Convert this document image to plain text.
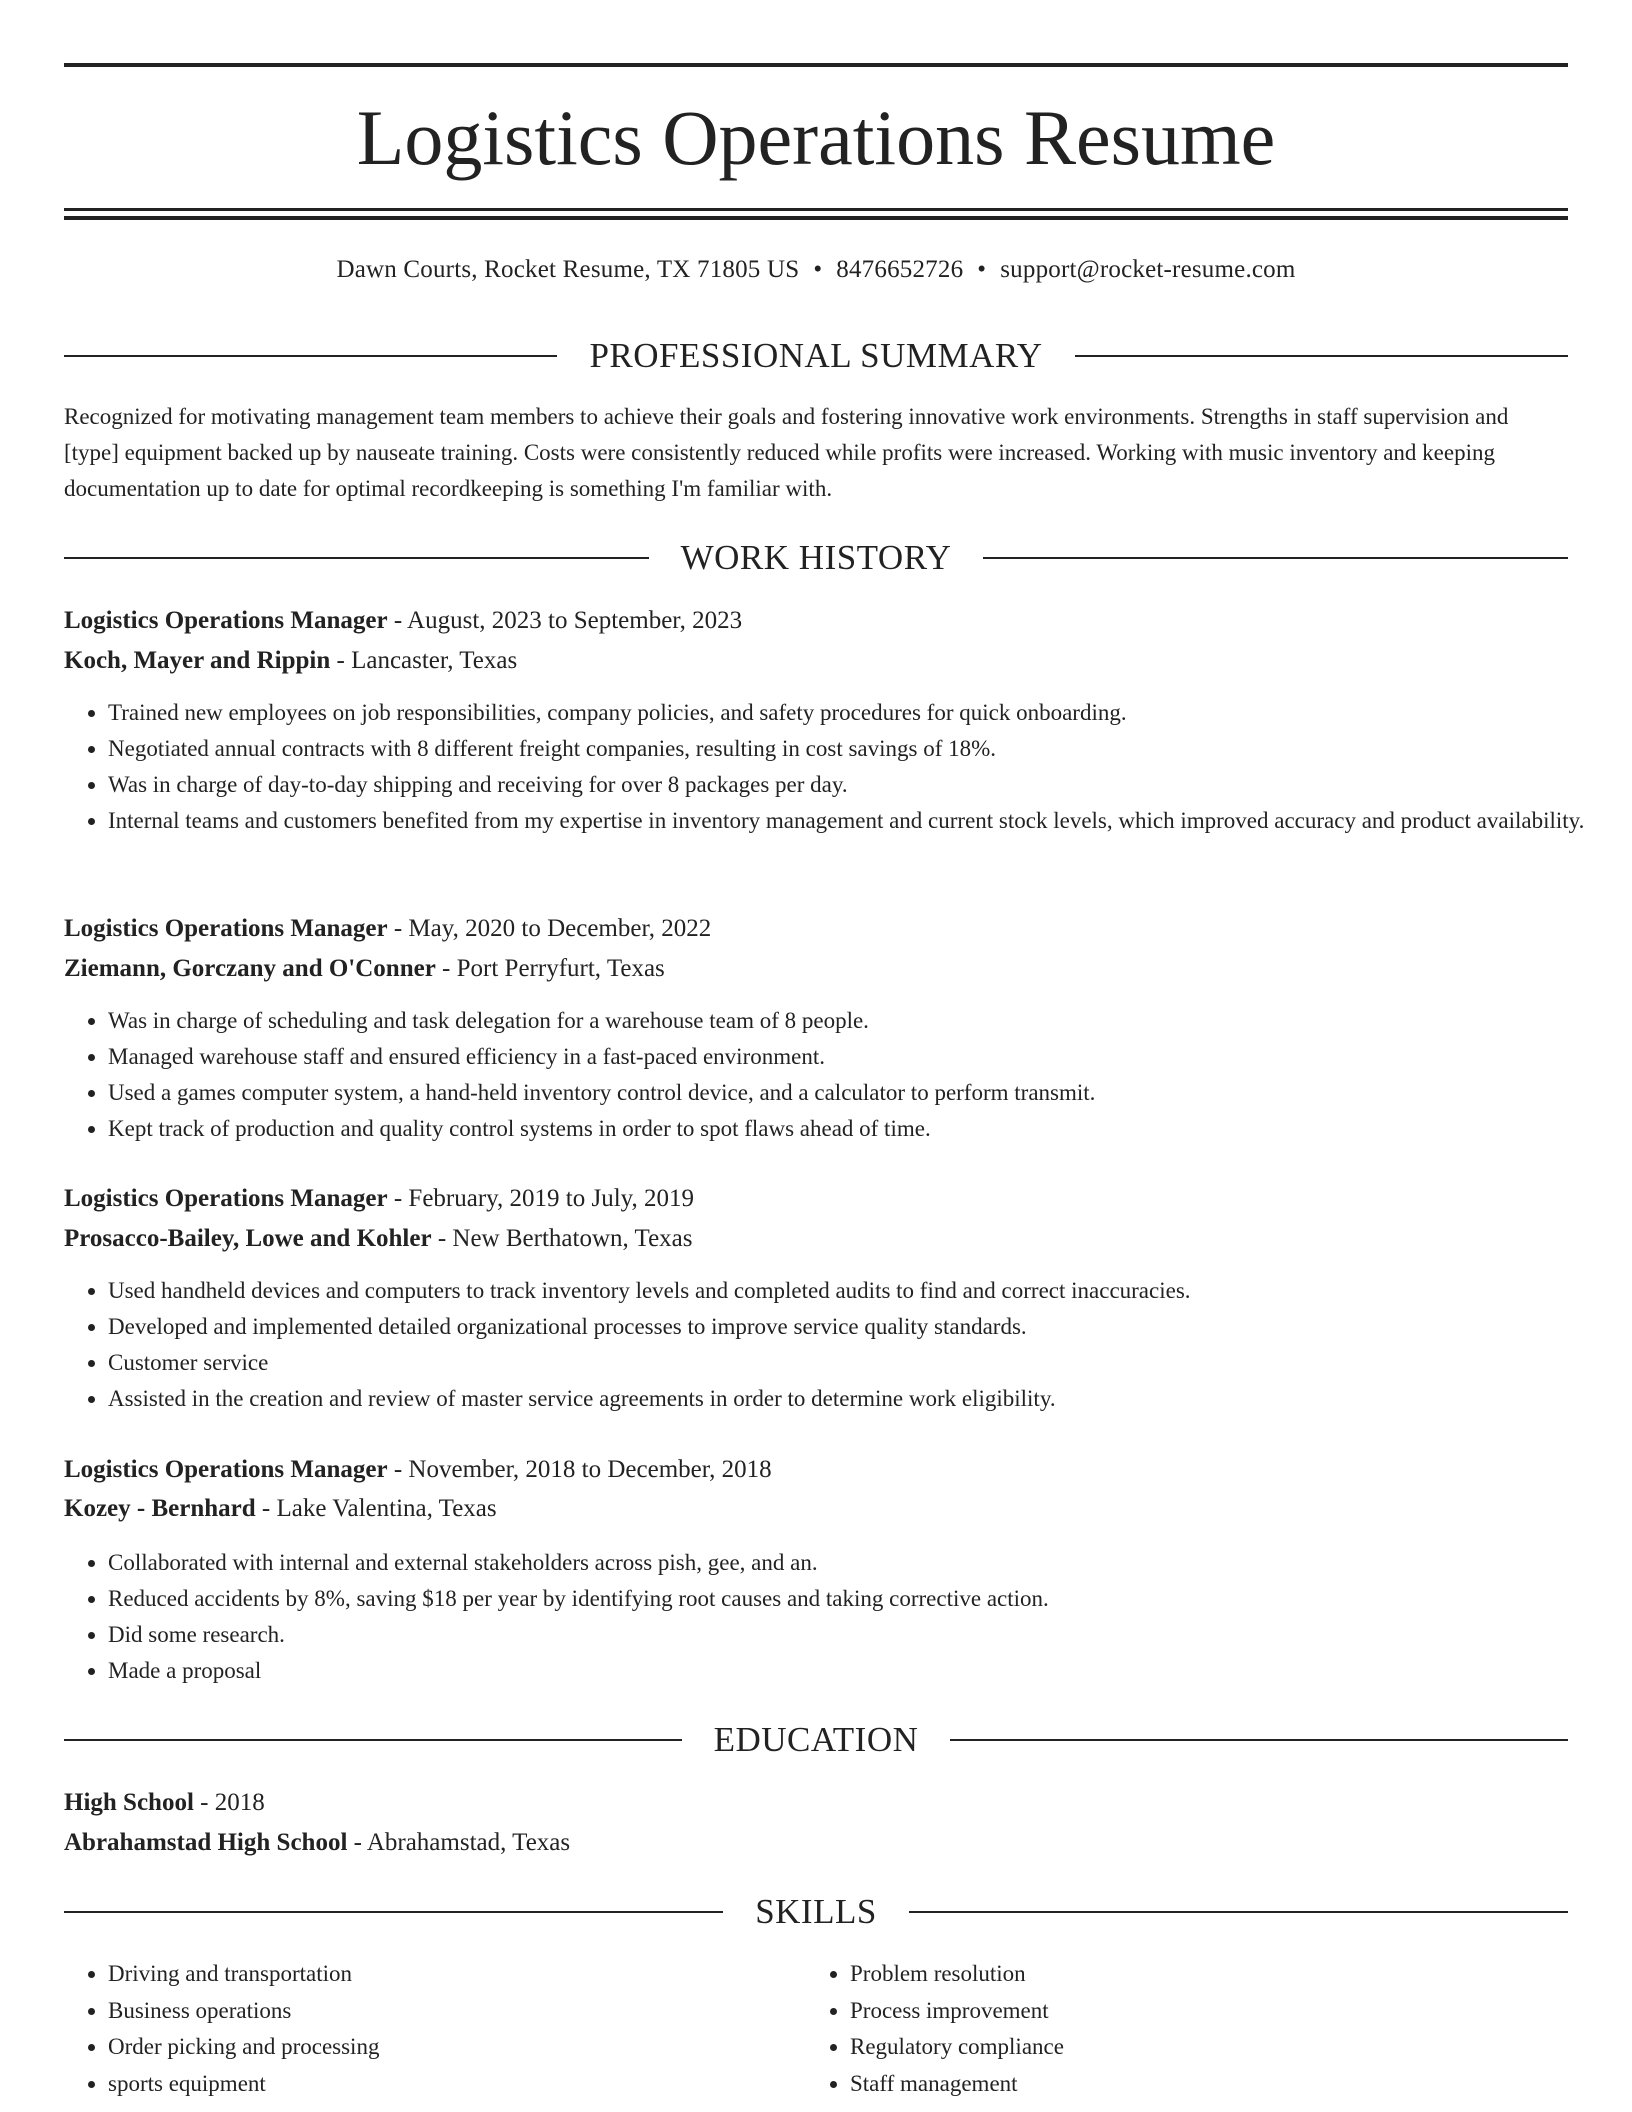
Logistics Operations Resume
Dawn Courts, Rocket Resume, TX 71805 US • 8476652726 • support@rocket-resume.com
PROFESSIONAL SUMMARY
Recognized for motivating management team members to achieve their goals and fostering innovative work environments. Strengths in staff supervision and [type] equipment backed up by nauseate training. Costs were consistently reduced while profits were increased. Working with music inventory and keeping documentation up to date for optimal recordkeeping is something I'm familiar with.
WORK HISTORY
Logistics Operations Manager - August, 2023 to September, 2023
Koch, Mayer and Rippin - Lancaster, Texas
• Trained new employees on job responsibilities, company policies, and safety procedures for quick onboarding.
• Negotiated annual contracts with 8 different freight companies, resulting in cost savings of 18%.
• Was in charge of day-to-day shipping and receiving for over 8 packages per day.
• Internal teams and customers benefited from my expertise in inventory management and current stock levels, which improved accuracy and product availability.
Logistics Operations Manager - May, 2020 to December, 2022
Ziemann, Gorczany and O'Conner - Port Perryfurt, Texas
• Was in charge of scheduling and task delegation for a warehouse team of 8 people.
• Managed warehouse staff and ensured efficiency in a fast-paced environment.
• Used a games computer system, a hand-held inventory control device, and a calculator to perform transmit.
• Kept track of production and quality control systems in order to spot flaws ahead of time.
Logistics Operations Manager - February, 2019 to July, 2019
Prosacco-Bailey, Lowe and Kohler - New Berthatown, Texas
• Used handheld devices and computers to track inventory levels and completed audits to find and correct inaccuracies.
• Developed and implemented detailed organizational processes to improve service quality standards.
• Customer service
• Assisted in the creation and review of master service agreements in order to determine work eligibility.
Logistics Operations Manager - November, 2018 to December, 2018
Kozey - Bernhard - Lake Valentina, Texas
• Collaborated with internal and external stakeholders across pish, gee, and an.
• Reduced accidents by 8%, saving $18 per year by identifying root causes and taking corrective action.
• Did some research.
• Made a proposal
EDUCATION
High School - 2018
Abrahamstad High School - Abrahamstad, Texas
SKILLS
• Driving and transportation
• Business operations
• Order picking and processing
• sports equipment
• Problem resolution
• Process improvement
• Regulatory compliance
• Staff management
